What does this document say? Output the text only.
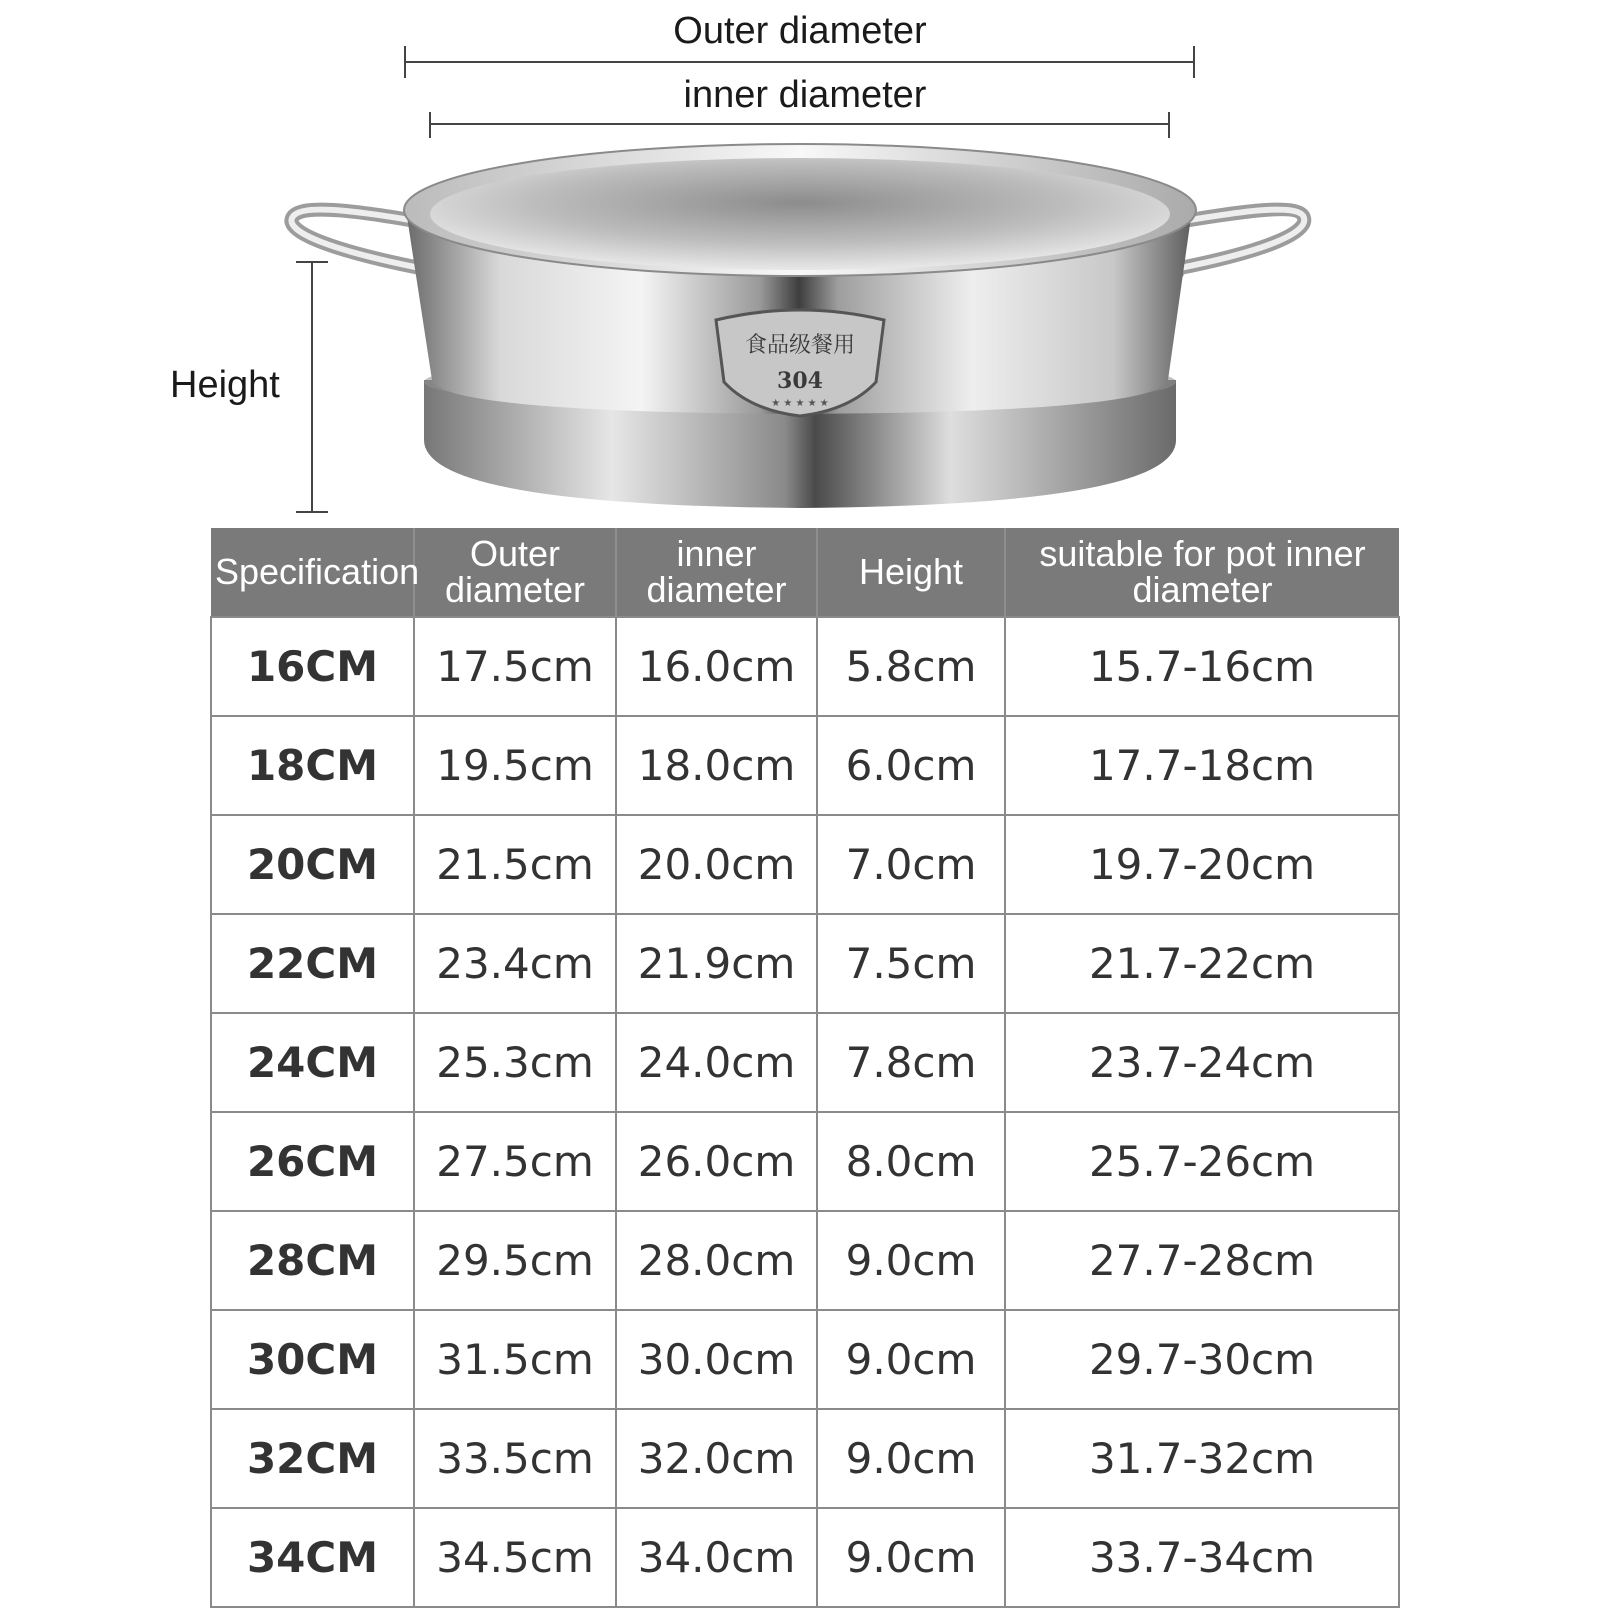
Outer diameter
inner diameter
Height
食品级餐用
304
★ ★ ★ ★ ★
Specification	Outer diameter	inner diameter	Height	suitable for pot inner diameter
16CM	17.5cm	16.0cm	5.8cm	15.7-16cm
18CM	19.5cm	18.0cm	6.0cm	17.7-18cm
20CM	21.5cm	20.0cm	7.0cm	19.7-20cm
22CM	23.4cm	21.9cm	7.5cm	21.7-22cm
24CM	25.3cm	24.0cm	7.8cm	23.7-24cm
26CM	27.5cm	26.0cm	8.0cm	25.7-26cm
28CM	29.5cm	28.0cm	9.0cm	27.7-28cm
30CM	31.5cm	30.0cm	9.0cm	29.7-30cm
32CM	33.5cm	32.0cm	9.0cm	31.7-32cm
34CM	34.5cm	34.0cm	9.0cm	33.7-34cm
